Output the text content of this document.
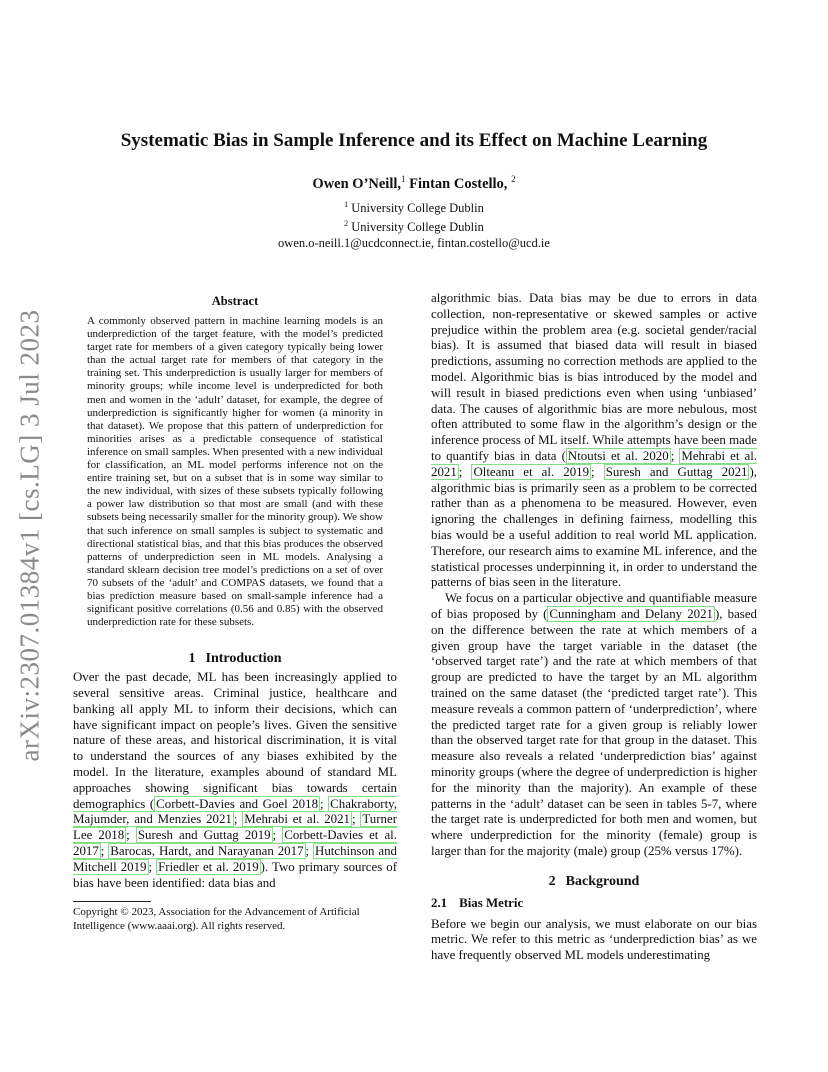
arXiv:2307.01384v1 [cs.LG] 3 Jul 2023
Systematic Bias in Sample Inference and its Effect on Machine Learning
Owen O’Neill,$^1$ Fintan Costello, $^2$
$^1$ University College Dublin
$^2$ University College Dublin
owen.o-neill.1@ucdconnect.ie, fintan.costello@ucd.ie
Abstract

A commonly observed pattern in machine learning models is an underprediction of the target feature, with the model’s predicted target rate for members of a given category typically being lower than the actual target rate for members of that category in the training set. This underprediction is usually larger for members of minority groups; while income level is underpredicted for both men and women in the ‘adult’ dataset, for example, the degree of underprediction is significantly higher for women (a minority in that dataset). We propose that this pattern of underprediction for minorities arises as a predictable consequence of statistical inference on small samples. When presented with a new individual for classification, an ML model performs inference not on the entire training set, but on a subset that is in some way similar to the new individual, with sizes of these subsets typically following a power law distribution so that most are small (and with these subsets being necessarily smaller for the minority group). We show that such inference on small samples is subject to systematic and directional statistical bias, and that this bias produces the observed patterns of underprediction seen in ML models. Analysing a standard sklearn decision tree model’s predictions on a set of over 70 subsets of the ‘adult’ and COMPAS datasets, we found that a bias prediction measure based on small-sample inference had a significant positive correlations (0.56 and 0.85) with the observed underprediction rate for these subsets.

1 Introduction

Over the past decade, ML has been increasingly applied to several sensitive areas. Criminal justice, healthcare and banking all apply ML to inform their decisions, which can have significant impact on people’s lives. Given the sensitive nature of these areas, and historical discrimination, it is vital to understand the sources of any biases exhibited by the model. In the literature, examples abound of standard ML approaches showing significant bias towards certain demographics ( Corbett-Davies and Goel 2018 ; Chakraborty, Majumder, and Menzies 2021 ; Mehrabi et al. 2021 ; Turner Lee 2018 ; Suresh and Guttag 2019 ; Corbett-Davies et al. 2017 ; Barocas, Hardt, and Narayanan 2017 ; Hutchinson and Mitchell 2019 ; Friedler et al. 2019 ). Two primary sources of bias have been identified: data bias and

Copyright © 2023, Association for the Advancement of Artificial Intelligence (www.aaai.org). All rights reserved.

algorithmic bias. Data bias may be due to errors in data collection, non-representative or skewed samples or active prejudice within the problem area (e.g. societal gender/racial bias). It is assumed that biased data will result in biased predictions, assuming no correction methods are applied to the model. Algorithmic bias is bias introduced by the model and will result in biased predictions even when using ‘unbiased’ data. The causes of algorithmic bias are more nebulous, most often attributed to some flaw in the algorithm’s design or the inference process of ML itself. While attempts have been made to quantify bias in data ( Ntoutsi et al. 2020 ; Mehrabi et al. 2021 ; Olteanu et al. 2019 ; Suresh and Guttag 2021 ), algorithmic bias is primarily seen as a problem to be corrected rather than as a phenomena to be measured. However, even ignoring the challenges in defining fairness, modelling this bias would be a useful addition to real world ML application. Therefore, our research aims to examine ML inference, and the statistical processes underpinning it, in order to understand the patterns of bias seen in the literature.

We focus on a particular objective and quantifiable measure of bias proposed by ( Cunningham and Delany 2021 ), based on the difference between the rate at which members of a given group have the target variable in the dataset (the ‘observed target rate’) and the rate at which members of that group are predicted to have the target by an ML algorithm trained on the same dataset (the ‘predicted target rate’). This measure reveals a common pattern of ‘underprediction’, where the predicted target rate for a given group is reliably lower than the observed target rate for that group in the dataset. This measure also reveals a related ‘underprediction bias’ against minority groups (where the degree of underprediction is higher for the minority than the majority). An example of these patterns in the ‘adult’ dataset can be seen in tables 5-7, where the target rate is underpredicted for both men and women, but where underprediction for the minority (female) group is larger than for the majority (male) group (25% versus 17%).

2 Background
2.1 Bias Metric

Before we begin our analysis, we must elaborate on our bias metric. We refer to this metric as ‘underprediction bias’ as we have frequently observed ML models underestimating
